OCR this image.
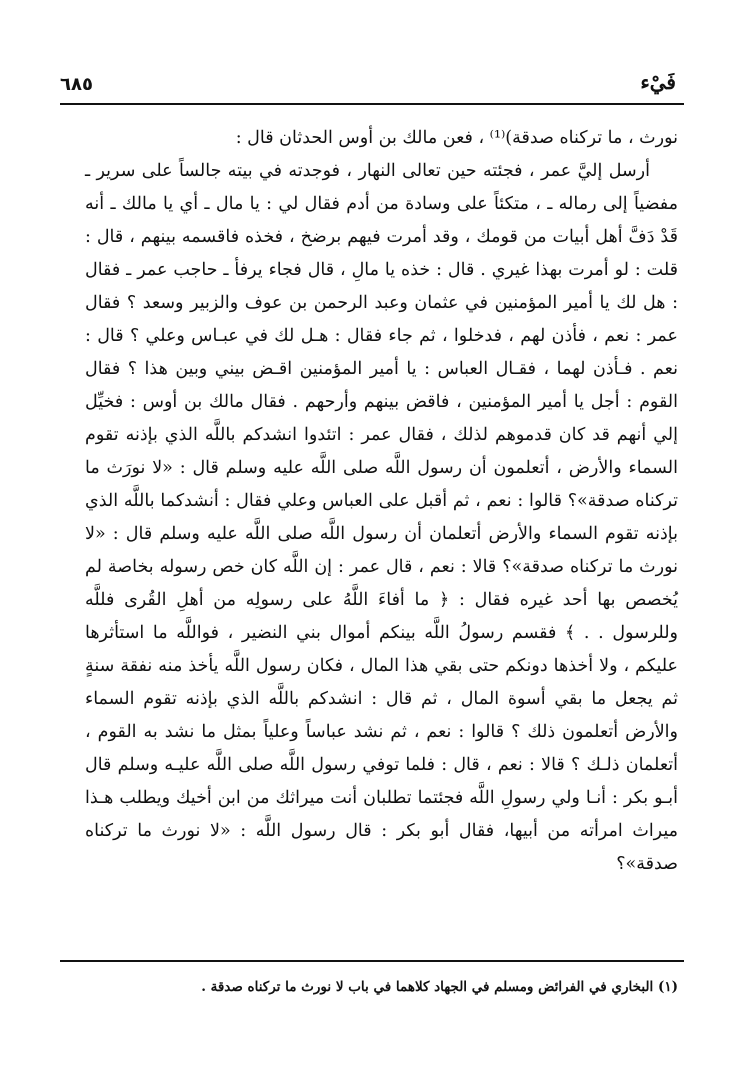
٦٨٥	فَيْء

نورث ، ما تركناه صدقة)⁽¹⁾ ، فعن مالك بن أوس الحدثان قال :

أرسل إليَّ عمر ، فجئته حين تعالى النهار ، فوجدته في بيته جالساً على سرير ـ مفضياً إلى رماله ـ ، متكئاً على وسادة من أدم فقال لي : يا مال ـ أي يا مالك ـ أنه قَدْ دَفَّ أهل أبيات من قومك ، وقد أمرت فيهم برضخ ، فخذه فاقسمه بينهم ، قال : قلت : لو أمرت بهذا غيري . قال : خذه يا مالِ ، قال فجاء يرفأ ـ حاجب عمر ـ فقال : هل لك يا أمير المؤمنين في عثمان وعبد الرحمن بن عوف والزبير وسعد ؟ فقال عمر : نعم ، فأذن لهم ، فدخلوا ، ثم جاء فقال : هـل لك في عبـاس وعلي ؟ قال : نعم . فـأذن لهما ، فقـال العباس : يا أمير المؤمنين اقـض بيني وبين هذا ؟ فقال القوم : أجل يا أمير المؤمنين ، فاقض بينهم وأرحهم . فقال مالك بن أوس : فخيِّل إلي أنهم قد كان قدموهم لذلك ، فقال عمر : اتئدوا انشدكم باللَّه الذي بإذنه تقوم السماء والأرض ، أتعلمون أن رسول اللَّه صلى اللَّه عليه وسلم قال : «لا نورَث ما تركناه صدقة»؟ قالوا : نعم ، ثم أقبل على العباس وعلي فقال : أنشدكما باللَّه الذي بإذنه تقوم السماء والأرض أتعلمان أن رسول اللَّه صلى اللَّه عليه وسلم قال : «لا نورث ما تركناه صدقة»؟ قالا : نعم ، قال عمر : إن اللَّه كان خص رسوله بخاصة لم يُخصص بها أحد غيره فقال : ﴿ ما أفاءَ اللَّهُ على رسولِه من أهلِ القُرى فللَّه وللرسول . . ﴾ فقسم رسولُ اللَّه بينكم أموال بني النضير ، فواللَّه ما استأثرها عليكم ، ولا أخذها دونكم حتى بقي هذا المال ، فكان رسول اللَّه يأخذ منه نفقة سنةٍ ثم يجعل ما بقي أسوة المال ، ثم قال : انشدكم باللَّه الذي بإذنه تقوم السماء والأرض أتعلمون ذلك ؟ قالوا : نعم ، ثم نشد عباساً وعلياً بمثل ما نشد به القوم ، أتعلمان ذلـك ؟ قالا : نعم ، قال : فلما توفي رسول اللَّه صلى اللَّه عليـه وسلم قال أبـو بكر : أنـا ولي رسولِ اللَّه فجئتما تطلبان أنت ميراثك من ابن أخيك ويطلب هـذا ميراث امرأته من أبيها، فقال أبو بكر : قال رسول اللَّه : «لا نورث ما تركناه صدقة»؟

(١) البخاري في الفرائض ومسلم في الجهاد كلاهما في باب لا نورث ما تركناه صدقة .
